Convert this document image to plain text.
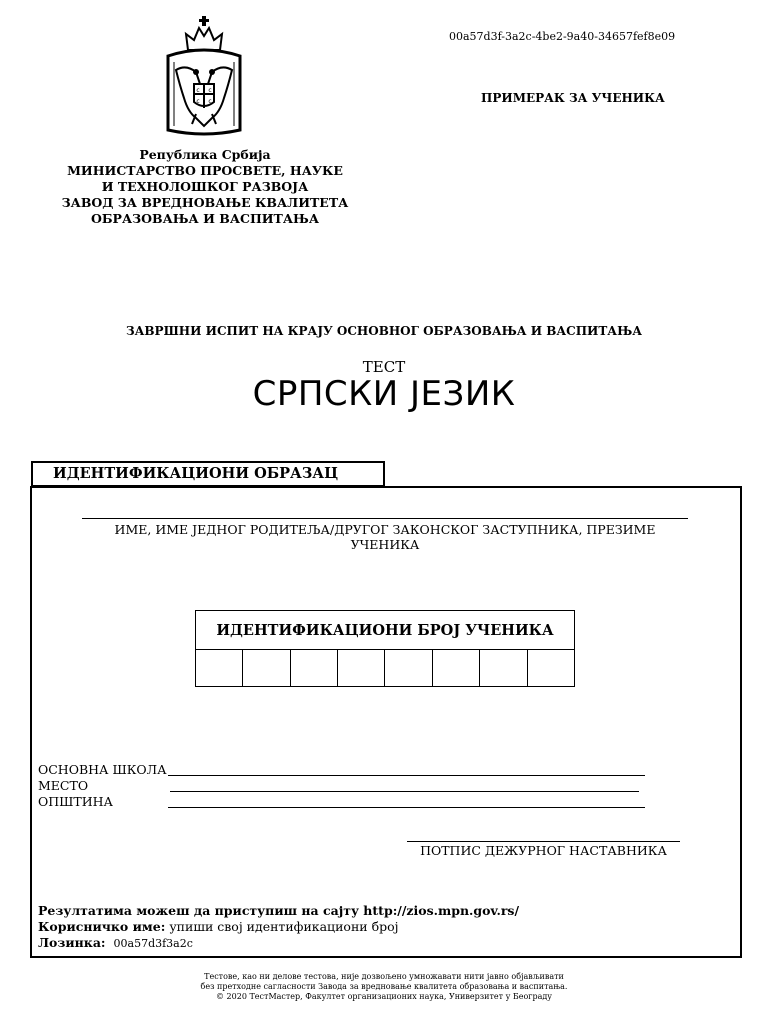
с с
с с
00a57d3f-3a2c-4be2-9a40-34657fef8e09
ПРИМЕРАК ЗА УЧЕНИКА
Република Србија
МИНИСТАРСТВО ПРОСВЕТЕ, НАУКЕ
И ТЕХНОЛОШКОГ РАЗВОЈА
ЗАВОД ЗА ВРЕДНОВАЊЕ КВАЛИТЕТА
ОБРАЗОВАЊА И ВАСПИТАЊА
ЗАВРШНИ ИСПИТ НА КРАЈУ ОСНОВНОГ ОБРАЗОВАЊА И ВАСПИТАЊА
ТЕСТ
СРПСКИ ЈЕЗИК
ИДЕНТИФИКАЦИОНИ ОБРАЗАЦ
ИМЕ, ИМЕ ЈЕДНОГ РОДИТЕЉА/ДРУГОГ ЗАКОНСКОГ ЗАСТУПНИКА, ПРЕЗИМЕ УЧЕНИКА
ИДЕНТИФИКАЦИОНИ БРОЈ УЧЕНИКА

ОСНОВНА ШКОЛА
МЕСТО
ОПШТИНА
ПОТПИС ДЕЖУРНОГ НАСТАВНИКА
Резултатима можеш да приступиш на сајту http://zios.mpn.gov.rs/
Корисничко име: упиши свој идентификациони број
Лозинка: 00a57d3f3a2c
Тестове, као ни делове тестова, није дозвољено умножавати нити јавно објављивати
без претходне сагласности Завода за вредновање квалитета образовања и васпитања.
© 2020 ТестМастер, Факултет организационих наука, Универзитет у Београду
